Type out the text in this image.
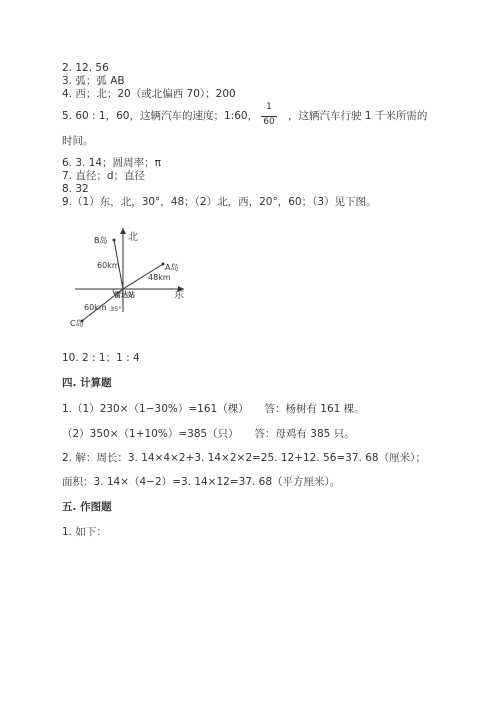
2. 12. 56
3. 弧；弧 AB
4. 西；北；20（或北偏西 70）；200
5. 60 : 1，60，这辆汽车的速度；1:60，
1
60	，这辆汽车行驶 1 千米所需的
时间。
6. 3. 14；圆周率；π
7. 直径；d；直径
8. 32
9.（1）东，北，30°，48；（2）北，西，20°，60；（3）见下图。
北
东
雷达站
B岛
A岛
C岛
60km
48km
60km 35°
10. 2 : 1；1 : 4
四. 计算题
1.（1）230×（1−30%）=161（棵）　　答：杨树有 161 棵。
（2）350×（1+10%）=385（只）　　答：母鸡有 385 只。
2. 解：周长：3. 14×4×2+3. 14×2×2=25. 12+12. 56=37. 68（厘米）；
面积：3. 14×（4−2）=3. 14×12=37. 68（平方厘米）。
五. 作图题
1. 如下：
